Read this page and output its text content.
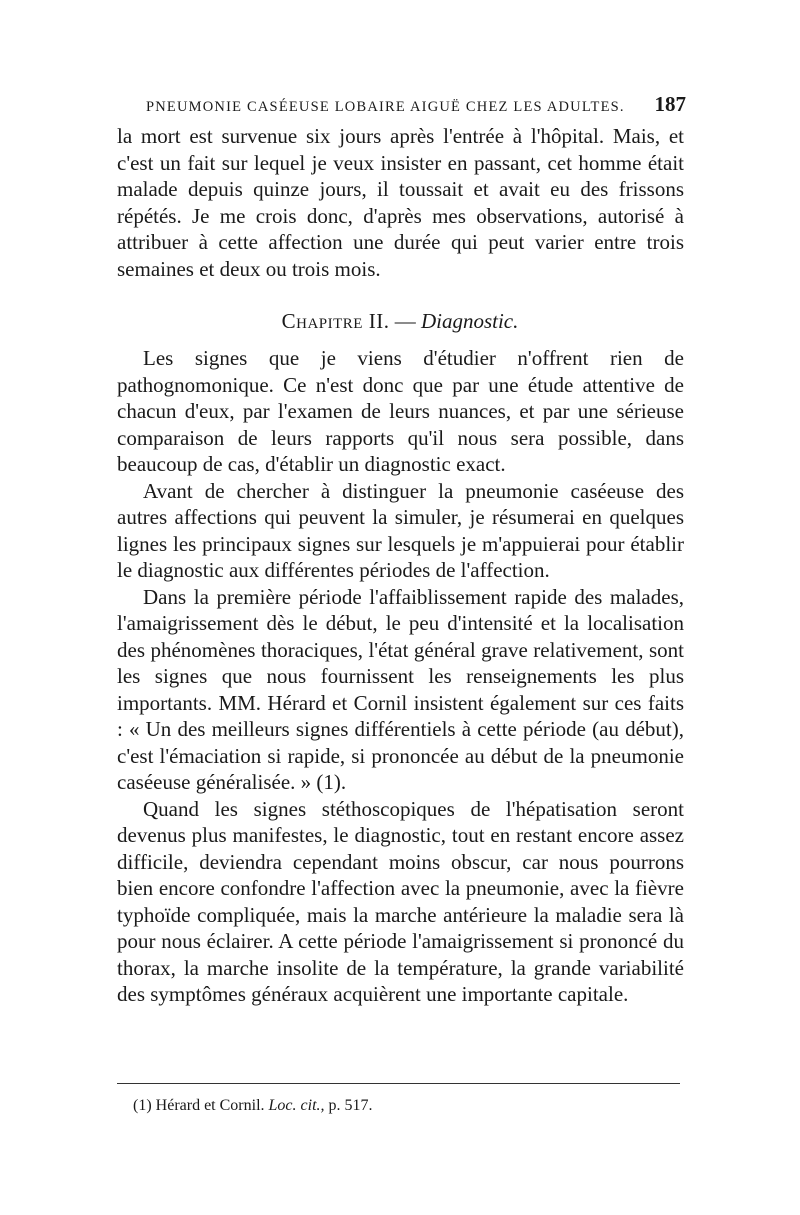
PNEUMONIE CASÉEUSE LOBAIRE AIGUË CHEZ LES ADULTES. 187

la mort est survenue six jours après l'entrée à l'hôpital. Mais, et c'est un fait sur lequel je veux insister en passant, cet homme était malade depuis quinze jours, il toussait et avait eu des frissons répétés. Je me crois donc, d'après mes observations, autorisé à attribuer à cette affection une durée qui peut varier entre trois semaines et deux ou trois mois.

Chapitre II. — Diagnostic.

Les signes que je viens d'étudier n'offrent rien de pathognomonique. Ce n'est donc que par une étude attentive de chacun d'eux, par l'examen de leurs nuances, et par une sérieuse comparaison de leurs rapports qu'il nous sera possible, dans beaucoup de cas, d'établir un diagnostic exact.

Avant de chercher à distinguer la pneumonie caséeuse des autres affections qui peuvent la simuler, je résumerai en quelques lignes les principaux signes sur lesquels je m'appuierai pour établir le diagnostic aux différentes périodes de l'affection.

Dans la première période l'affaiblissement rapide des malades, l'amaigrissement dès le début, le peu d'intensité et la localisation des phénomènes thoraciques, l'état général grave relativement, sont les signes que nous fournissent les renseignements les plus importants. MM. Hérard et Cornil insistent également sur ces faits : « Un des meilleurs signes différentiels à cette période (au début), c'est l'émaciation si rapide, si prononcée au début de la pneumonie caséeuse généralisée. » (1).

Quand les signes stéthoscopiques de l'hépatisation seront devenus plus manifestes, le diagnostic, tout en restant encore assez difficile, deviendra cependant moins obscur, car nous pourrons bien encore confondre l'affection avec la pneumonie, avec la fièvre typhoïde compliquée, mais la marche antérieure la maladie sera là pour nous éclairer. A cette période l'amaigrissement si prononcé du thorax, la marche insolite de la température, la grande variabilité des symptômes généraux acquièrent une importante capitale.

(1) Hérard et Cornil. Loc. cit., p. 517.
